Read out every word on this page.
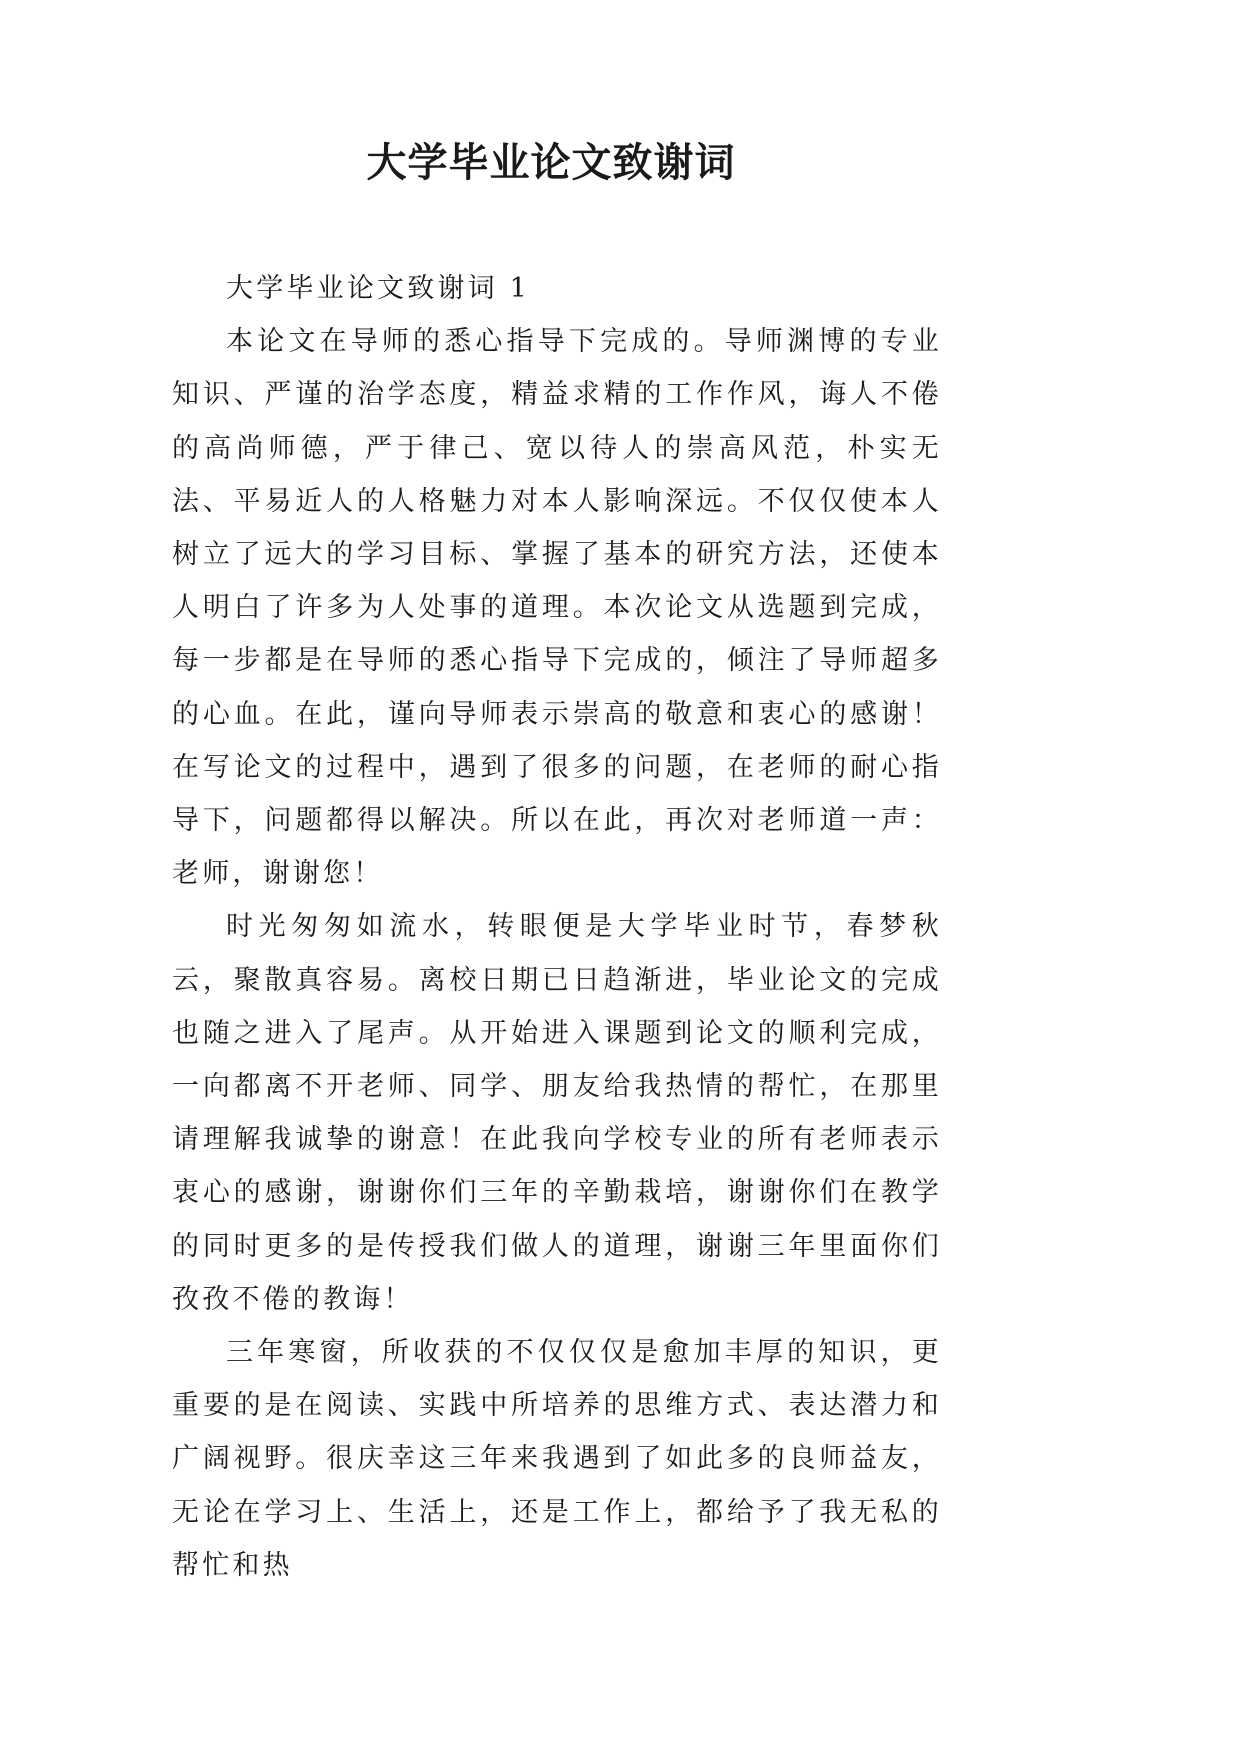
大学毕业论文致谢词

大学毕业论文致谢词 1

本论文在导师的悉心指导下完成的。导师渊博的专业知识、严谨的治学态度，精益求精的工作作风，诲人不倦的高尚师德，严于律己、宽以待人的崇高风范，朴实无法、平易近人的人格魅力对本人影响深远。不仅仅使本人树立了远大的学习目标、掌握了基本的研究方法，还使本人明白了许多为人处事的道理。本次论文从选题到完成，每一步都是在导师的悉心指导下完成的，倾注了导师超多的心血。在此，谨向导师表示崇高的敬意和衷心的感谢！在写论文的过程中，遇到了很多的问题，在老师的耐心指导下，问题都得以解决。所以在此，再次对老师道一声：老师，谢谢您！

时光匆匆如流水，转眼便是大学毕业时节，春梦秋云，聚散真容易。离校日期已日趋渐进，毕业论文的完成也随之进入了尾声。从开始进入课题到论文的顺利完成，一向都离不开老师、同学、朋友给我热情的帮忙，在那里请理解我诚挚的谢意！在此我向学校专业的所有老师表示衷心的感谢，谢谢你们三年的辛勤栽培，谢谢你们在教学的同时更多的是传授我们做人的道理，谢谢三年里面你们孜孜不倦的教诲！

三年寒窗，所收获的不仅仅仅是愈加丰厚的知识，更重要的是在阅读、实践中所培养的思维方式、表达潜力和广阔视野。很庆幸这三年来我遇到了如此多的良师益友，无论在学习上、生活上，还是工作上，都给予了我无私的帮忙和热
